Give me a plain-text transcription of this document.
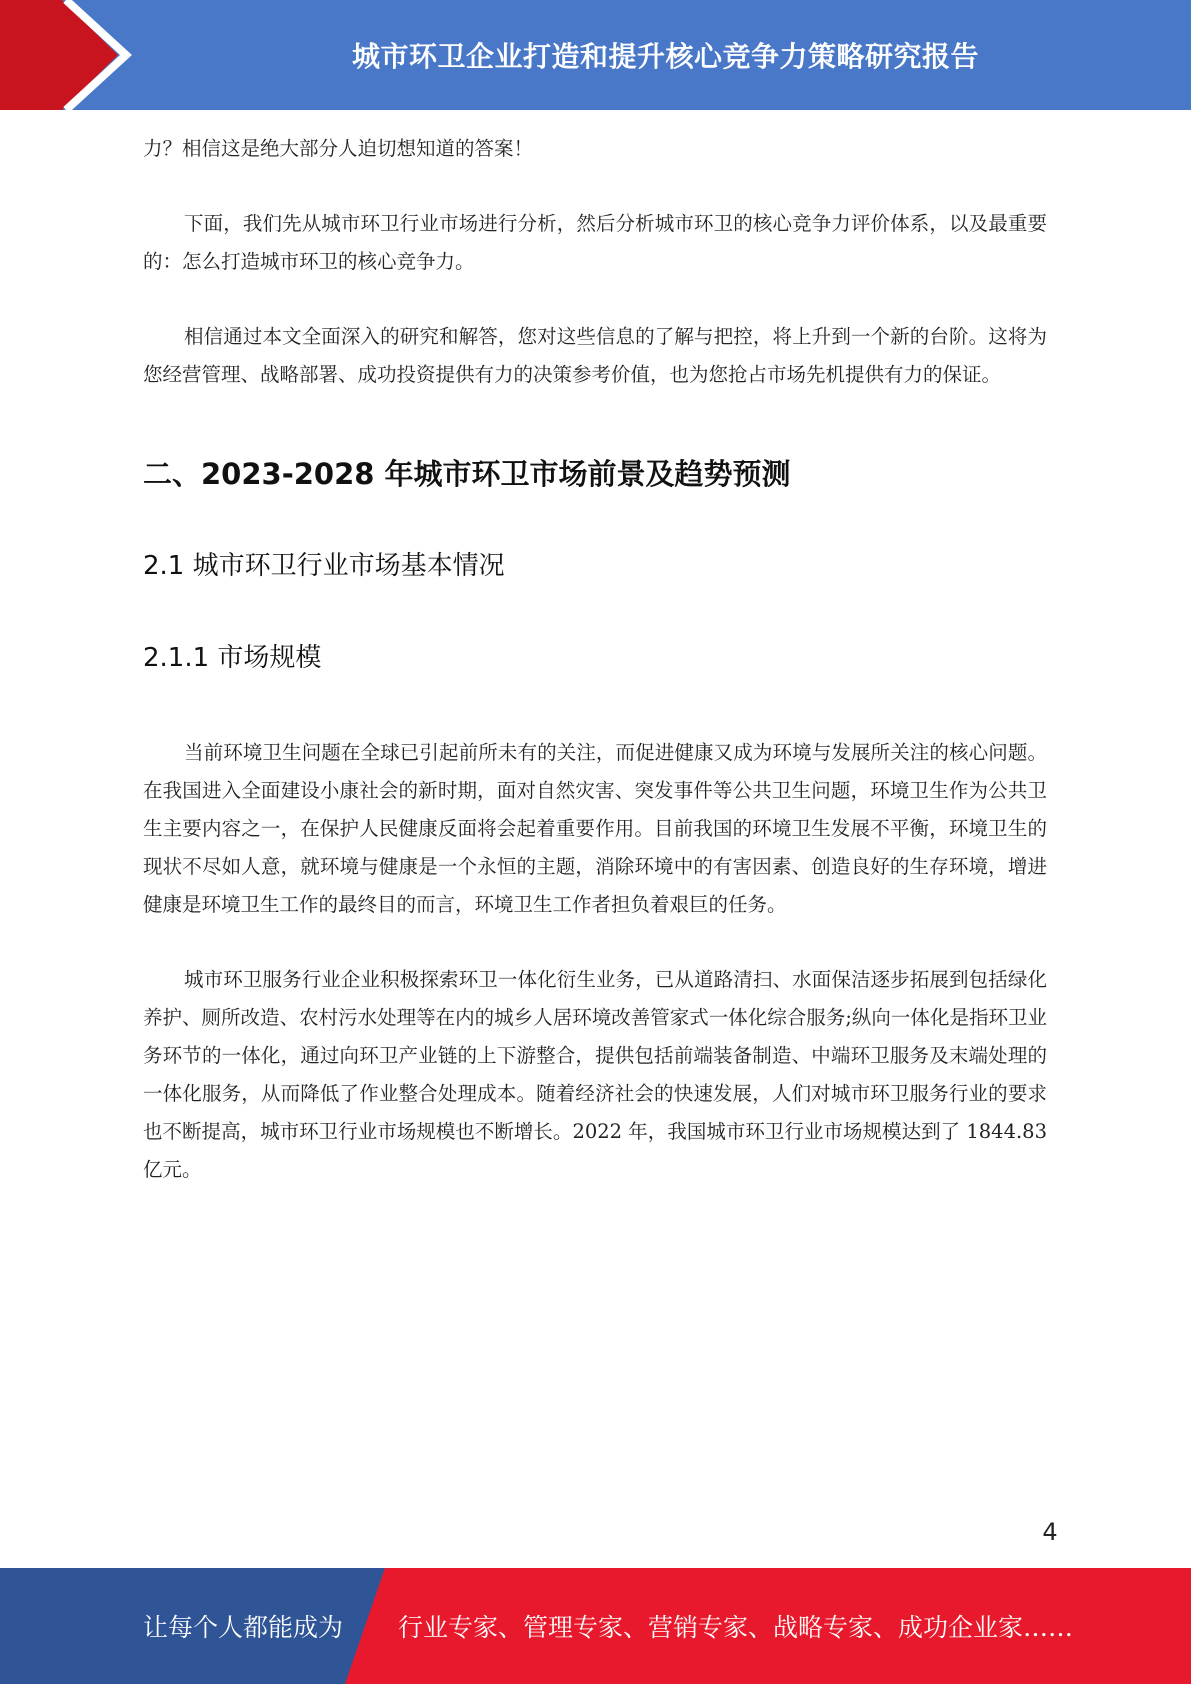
城市环卫企业打造和提升核心竞争力策略研究报告

力？相信这是绝大部分人迫切想知道的答案！

下面，我们先从城市环卫行业市场进行分析，然后分析城市环卫的核心竞争力评价体系，以及最重要的：怎么打造城市环卫的核心竞争力。

相信通过本文全面深入的研究和解答，您对这些信息的了解与把控，将上升到一个新的台阶。这将为您经营管理、战略部署、成功投资提供有力的决策参考价值，也为您抢占市场先机提供有力的保证。

二、2023-2028 年城市环卫市场前景及趋势预测
2.1 城市环卫行业市场基本情况
2.1.1 市场规模

当前环境卫生问题在全球已引起前所未有的关注，而促进健康又成为环境与发展所关注的核心问题。在我国进入全面建设小康社会的新时期，面对自然灾害、突发事件等公共卫生问题，环境卫生作为公共卫生主要内容之一，在保护人民健康反面将会起着重要作用。目前我国的环境卫生发展不平衡，环境卫生的现状不尽如人意，就环境与健康是一个永恒的主题，消除环境中的有害因素、创造良好的生存环境，增进健康是环境卫生工作的最终目的而言，环境卫生工作者担负着艰巨的任务。

城市环卫服务行业企业积极探索环卫一体化衍生业务，已从道路清扫、水面保洁逐步拓展到包括绿化养护、厕所改造、农村污水处理等在内的城乡人居环境改善管家式一体化综合服务;纵向一体化是指环卫业务环节的一体化，通过向环卫产业链的上下游整合，提供包括前端装备制造、中端环卫服务及末端处理的一体化服务，从而降低了作业整合处理成本。随着经济社会的快速发展，人们对城市环卫服务行业的要求也不断提高，城市环卫行业市场规模也不断增长。2022 年，我国城市环卫行业市场规模达到了 1844.83 亿元。

4
让每个人都能成为 行业专家、管理专家、营销专家、战略专家、成功企业家……
